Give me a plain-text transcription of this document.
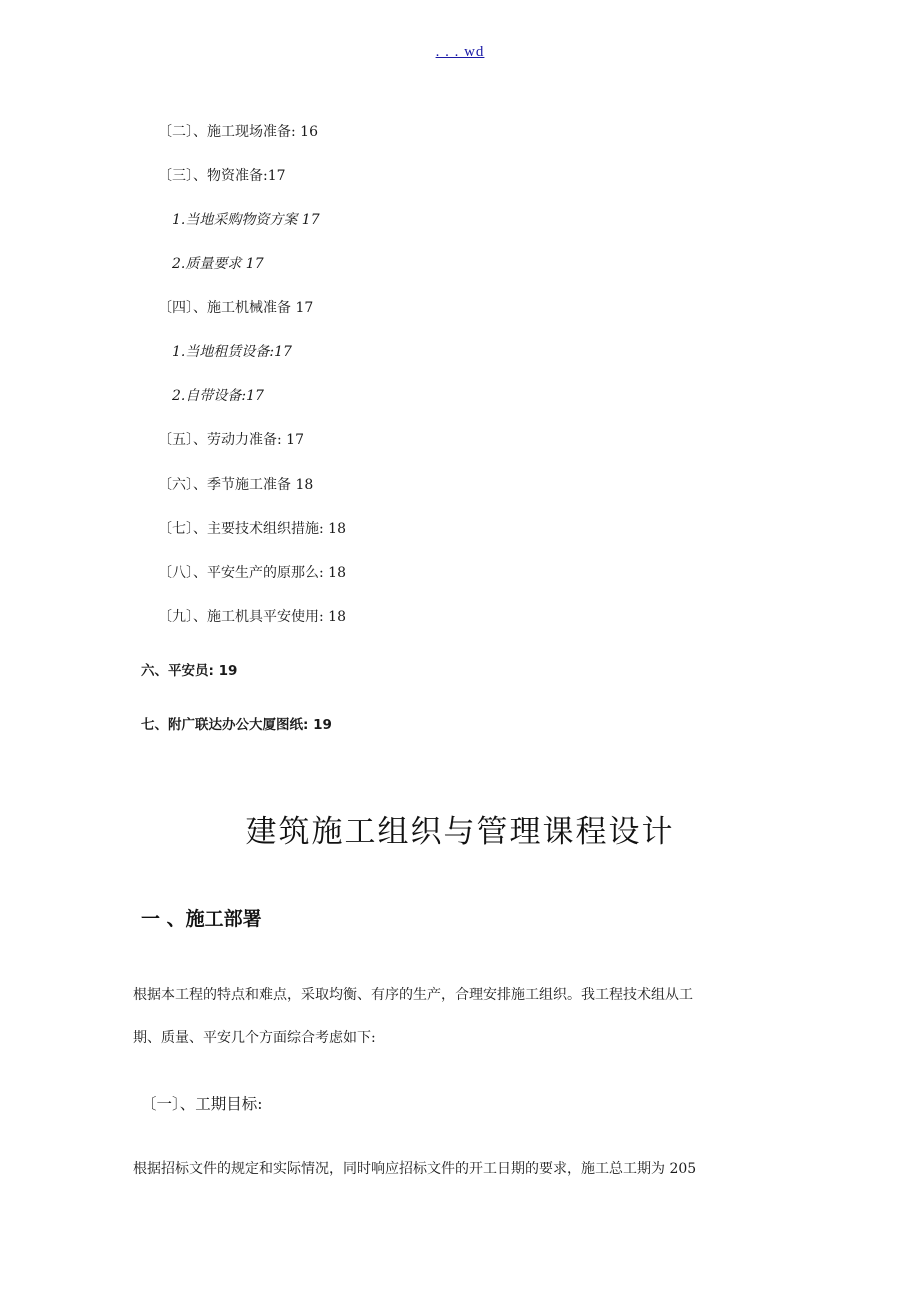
. . . wd
〔二〕、施工现场准备: 16
〔三〕、物资准备:17
1.当地采购物资方案 17
2.质量要求 17
〔四〕、施工机械准备 17
1.当地租赁设备:17
2.自带设备:17
〔五〕、劳动力准备: 17
〔六〕、季节施工准备 18
〔七〕、主要技术组织措施: 18
〔八〕、平安生产的原那么: 18
〔九〕、施工机具平安使用: 18
六、平安员: 19
七、附广联达办公大厦图纸: 19
建筑施工组织与管理课程设计
一 、施工部署
根据本工程的特点和难点，采取均衡、有序的生产，合理安排施工组织。我工程技术组从工
期、质量、平安几个方面综合考虑如下:
〔一〕、工期目标:
根据招标文件的规定和实际情况，同时响应招标文件的开工日期的要求，施工总工期为 205
